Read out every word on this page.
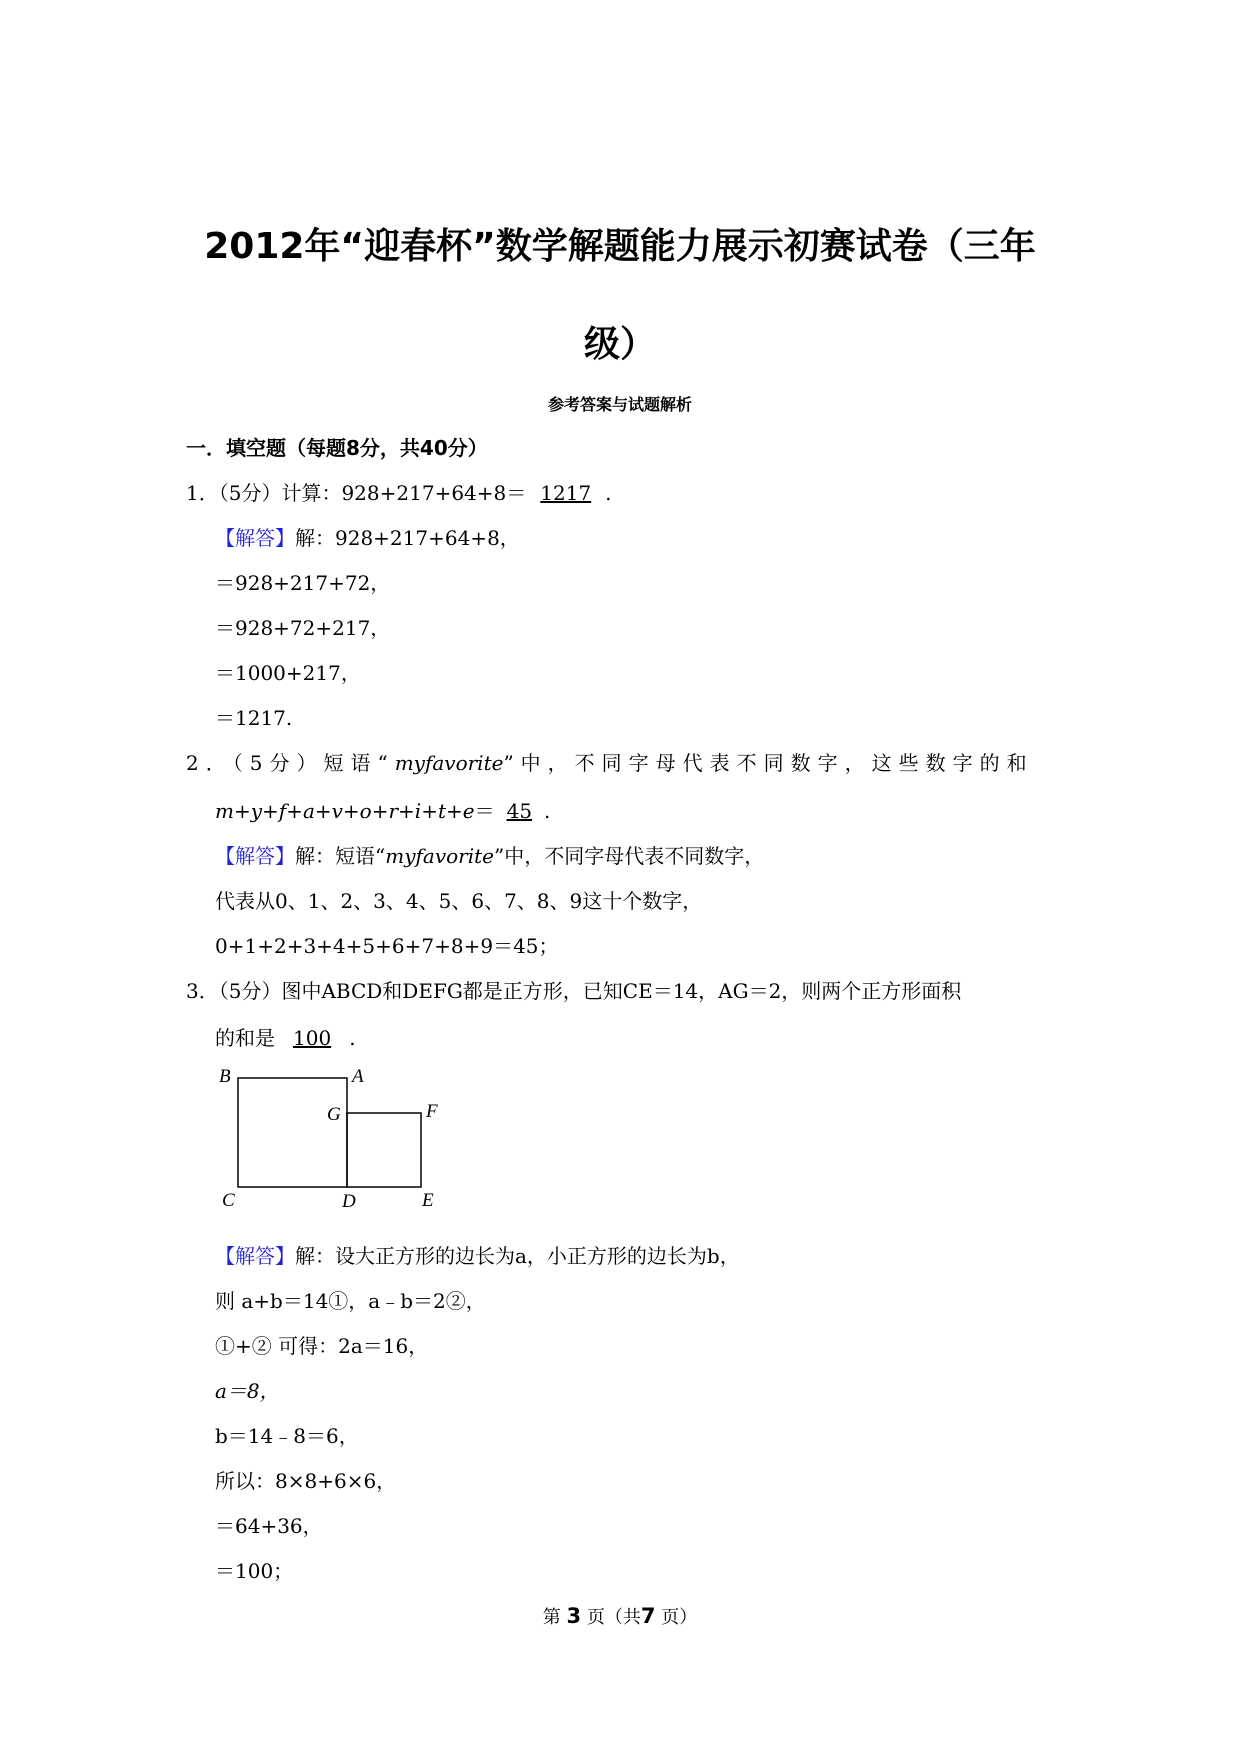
2012年“迎春杯”数学解题能力展示初赛试卷（三年
级）
参考答案与试题解析
一．填空题（每题8分，共40分）
1．（5分）计算：928+217+64+8＝ 1217 .
【解答】解：928+217+64+8，
＝928+217+72，
＝928+72+217，
＝1000+217，
＝1217.
2．（5分）短语“myfavorite”中，不同字母代表不同数字，这些数字的和
m+y+f+a+v+o+r+i+t+e＝ 45 .
【解答】解：短语“myfavorite”中，不同字母代表不同数字，
代表从0、1、2、3、4、5、6、7、8、9这十个数字，
0+1+2+3+4+5+6+7+8+9＝45；
3．（5分）图中ABCD和DEFG都是正方形，已知CE＝14，AG＝2，则两个正方形面积
的和是 100 .
B	A
G	F
C	D	E
【解答】解：设大正方形的边长为a，小正方形的边长为b，
则 a+b＝14①，a﹣b＝2②，
①+② 可得：2a＝16，
a＝8，
b＝14﹣8＝6，
所以：8×8+6×6，
＝64+36，
＝100；
第 3 页（共7 页）
